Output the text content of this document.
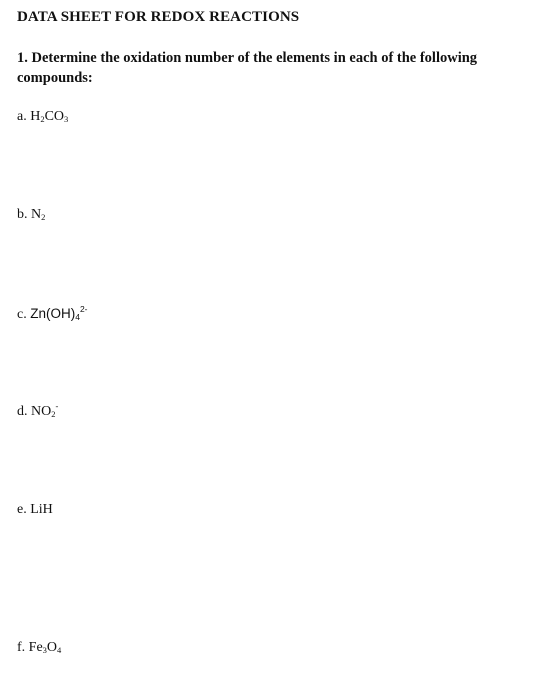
DATA SHEET FOR REDOX REACTIONS
1. Determine the oxidation number of the elements in each of the following compounds:
a. $H_2CO_3$
b. $N_2$
c. $Zn(OH)_4^{2-}$
d. $NO_2^-$
e. LiH
f. $Fe_3O_4$
